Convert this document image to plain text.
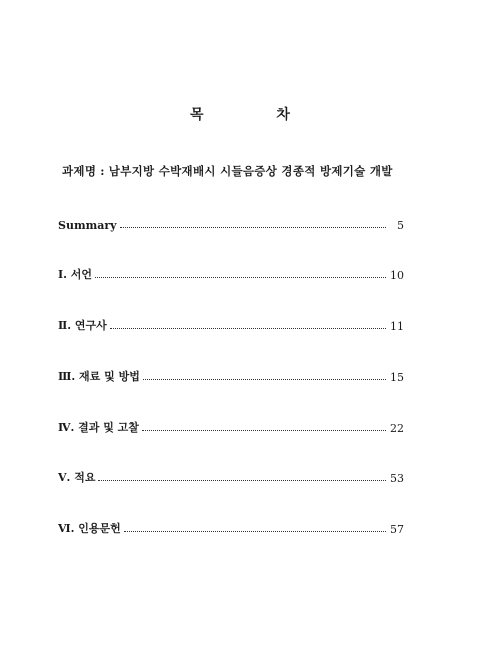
목 차
과제명 : 남부지방 수박재배시 시들음증상 경종적 방제기술 개발
Summary	5
Ⅰ. 서언	10
Ⅱ. 연구사	11
Ⅲ. 재료 및 방법	15
Ⅳ. 결과 및 고찰	22
Ⅴ. 적요	53
Ⅵ. 인용문헌	57
